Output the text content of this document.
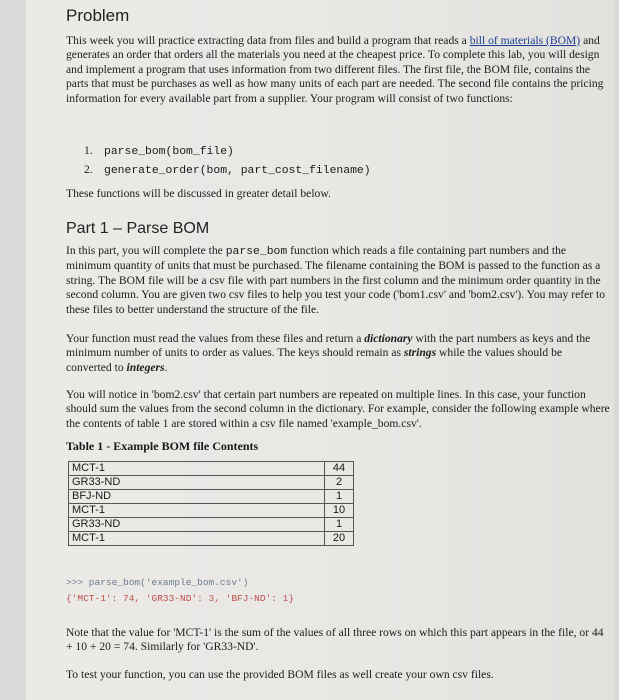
Problem
This week you will practice extracting data from files and build a program that reads a bill of materials (BOM) and generates an order that orders all the materials you need at the cheapest price. To complete this lab, you will design and implement a program that uses information from two different files. The first file, the BOM file, contains the parts that must be purchases as well as how many units of each part are needed. The second file contains the pricing information for every available part from a supplier. Your program will consist of two functions:
1. parse_bom(bom_file)
2. generate_order(bom, part_cost_filename)
These functions will be discussed in greater detail below.
Part 1 – Parse BOM
In this part, you will complete the parse_bom function which reads a file containing part numbers and the minimum quantity of units that must be purchased. The filename containing the BOM is passed to the function as a string. The BOM file will be a csv file with part numbers in the first column and the minimum order quantity in the second column. You are given two csv files to help you test your code ('bom1.csv' and 'bom2.csv'). You may refer to these files to better understand the structure of the file.
Your function must read the values from these files and return a dictionary with the part numbers as keys and the minimum number of units to order as values. The keys should remain as strings while the values should be converted to integers.
You will notice in 'bom2.csv' that certain part numbers are repeated on multiple lines. In this case, your function should sum the values from the second column in the dictionary. For example, consider the following example where the contents of table 1 are stored within a csv file named 'example_bom.csv'.
Table 1 - Example BOM file Contents
MCT-1	44
GR33-ND	2
BFJ-ND	1
MCT-1	10
GR33-ND	1
MCT-1	20
>>> parse_bom('example_bom.csv')
{'MCT-1': 74, 'GR33-ND': 3, 'BFJ-ND': 1}
Note that the value for 'MCT-1' is the sum of the values of all three rows on which this part appears in the file, or 44 + 10 + 20 = 74. Similarly for 'GR33-ND'.
To test your function, you can use the provided BOM files as well create your own csv files.
